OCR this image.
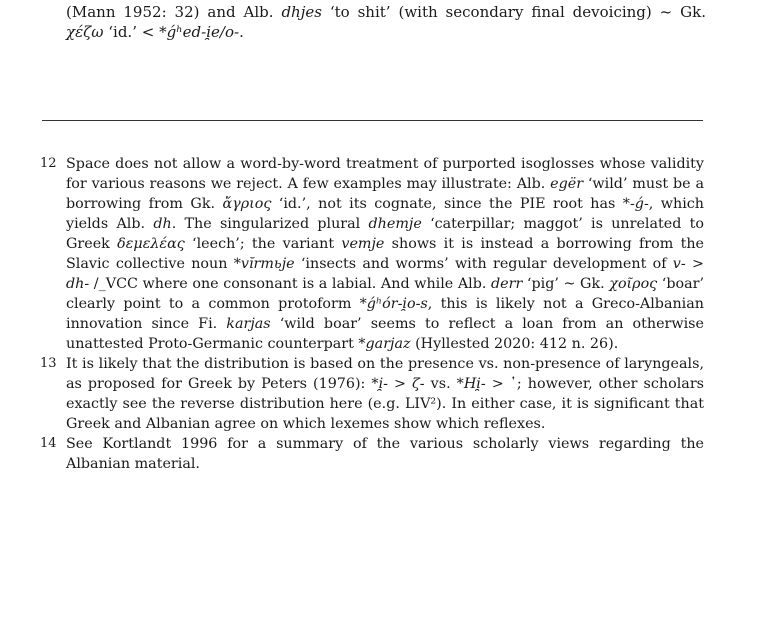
(Mann 1952: 32) and Alb. dhjes ‘to shit’ (with secondary final devoicing) ~ Gk. χέζω ‘id.’ < *ǵʰed-i̯e/o-.
12 Space does not allow a word-by-word treatment of purported isoglosses whose validity for various reasons we reject. A few examples may illustrate: Alb. egër ‘wild’ must be a borrowing from Gk. ἄγριος ‘id.’, not its cognate, since the PIE root has *-ǵ-, which yields Alb. dh. The singularized plural dhemje ‘caterpillar; maggot’ is unrelated to Greek δεμελέας ‘leech’; the variant vemje shows it is instead a borrowing from the Slavic collective noun *vĭrmьje ‘insects and worms’ with regular development of v- > dh- /_VCC where one consonant is a labial. And while Alb. derr ‘pig’ ~ Gk. χοῖρος ‘boar’ clearly point to a common protoform *ǵʰór-i̯o-s, this is likely not a Greco-Albanian innovation since Fi. karjas ‘wild boar’ seems to reflect a loan from an otherwise unattested Proto-Germanic counterpart *garjaz (Hyllested 2020: 412 n. 26).
13 It is likely that the distribution is based on the presence vs. non-presence of laryngeals, as proposed for Greek by Peters (1976): *i̯- > ζ- vs. *Hi̯- > ῾; however, other scholars exactly see the reverse distribution here (e.g. LIV²). In either case, it is significant that Greek and Albanian agree on which lexemes show which reflexes.
14 See Kortlandt 1996 for a summary of the various scholarly views regarding the Albanian material.
